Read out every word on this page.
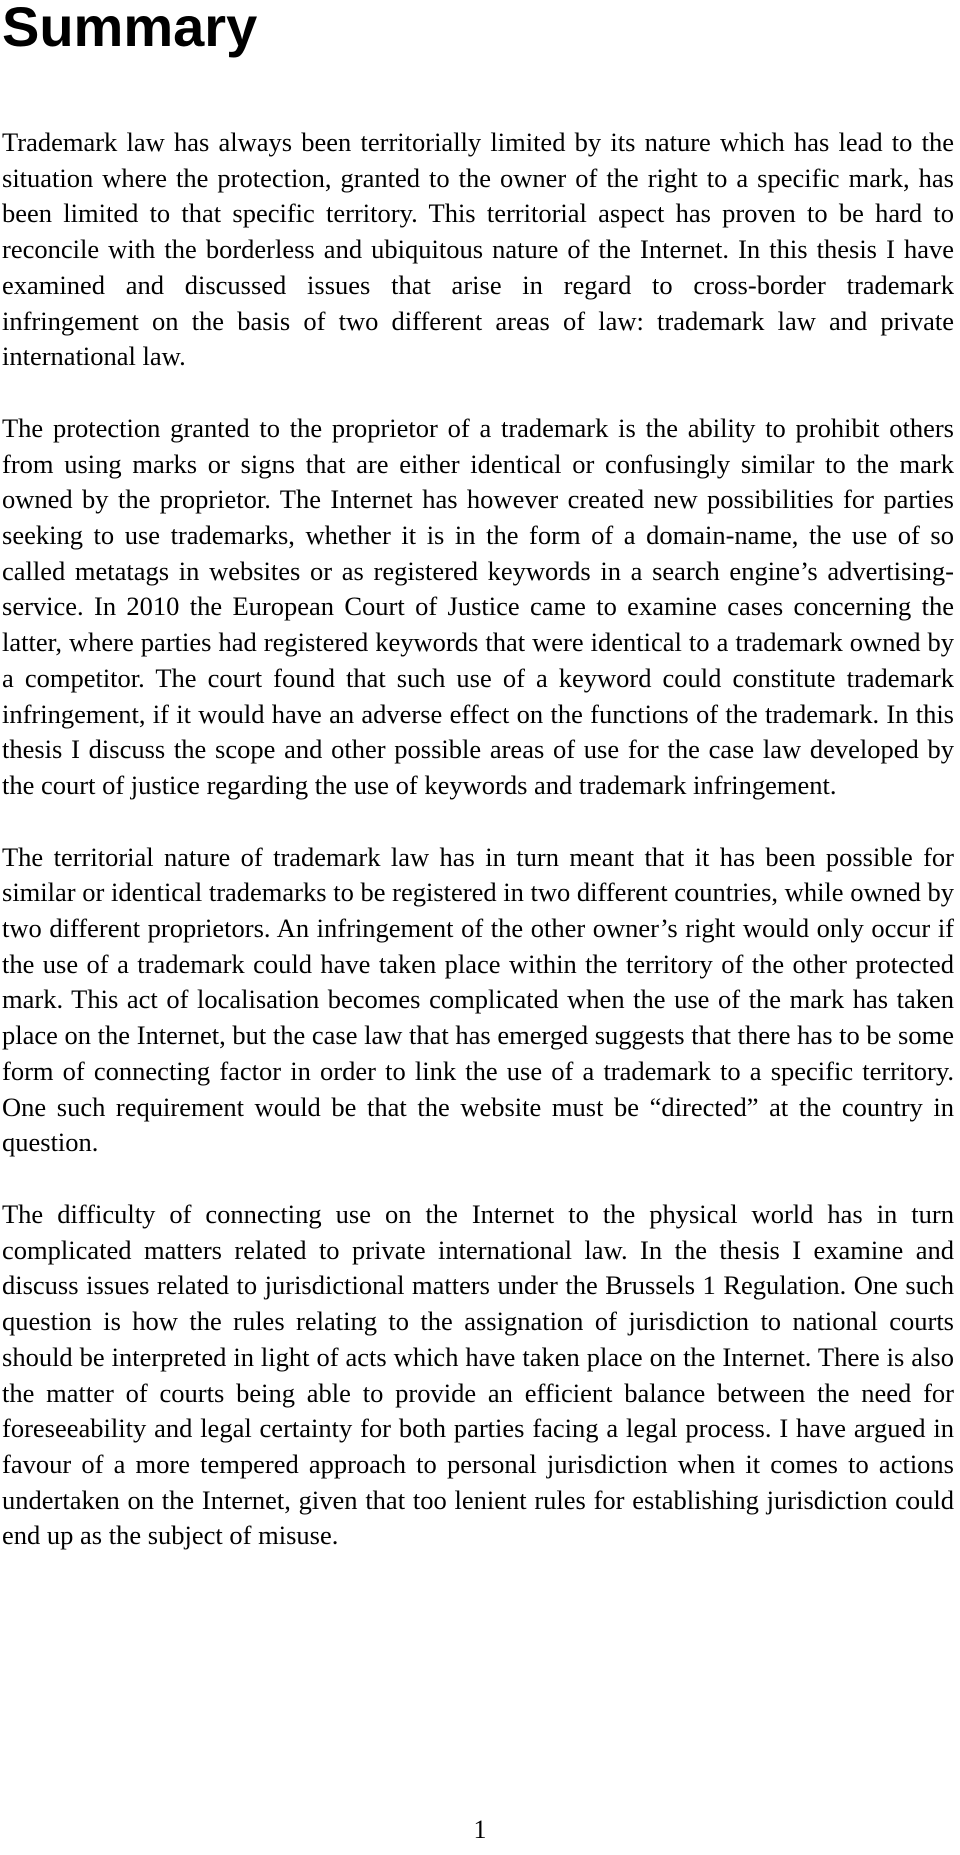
Summary

Trademark law has always been territorially limited by its nature which has lead to the situation where the protection, granted to the owner of the right to a specific mark, has been limited to that specific territory. This territorial aspect has proven to be hard to reconcile with the borderless and ubiquitous nature of the Internet. In this thesis I have examined and discussed issues that arise in regard to cross-border trademark infringement on the basis of two different areas of law: trademark law and private international law.

The protection granted to the proprietor of a trademark is the ability to prohibit others from using marks or signs that are either identical or confusingly similar to the mark owned by the proprietor. The Internet has however created new possibilities for parties seeking to use trademarks, whether it is in the form of a domain-name, the use of so called metatags in websites or as registered keywords in a search engine’s advertising-service. In 2010 the European Court of Justice came to examine cases concerning the latter, where parties had registered keywords that were identical to a trademark owned by a competitor. The court found that such use of a keyword could constitute trademark infringement, if it would have an adverse effect on the functions of the trademark. In this thesis I discuss the scope and other possible areas of use for the case law developed by the court of justice regarding the use of keywords and trademark infringement.

The territorial nature of trademark law has in turn meant that it has been possible for similar or identical trademarks to be registered in two different countries, while owned by two different proprietors. An infringement of the other owner’s right would only occur if the use of a trademark could have taken place within the territory of the other protected mark. This act of localisation becomes complicated when the use of the mark has taken place on the Internet, but the case law that has emerged suggests that there has to be some form of connecting factor in order to link the use of a trademark to a specific territory. One such requirement would be that the website must be “directed” at the country in question.

The difficulty of connecting use on the Internet to the physical world has in turn complicated matters related to private international law. In the thesis I examine and discuss issues related to jurisdictional matters under the Brussels 1 Regulation. One such question is how the rules relating to the assignation of jurisdiction to national courts should be interpreted in light of acts which have taken place on the Internet. There is also the matter of courts being able to provide an efficient balance between the need for foreseeability and legal certainty for both parties facing a legal process. I have argued in favour of a more tempered approach to personal jurisdiction when it comes to actions undertaken on the Internet, given that too lenient rules for establishing jurisdiction could end up as the subject of misuse.

1
